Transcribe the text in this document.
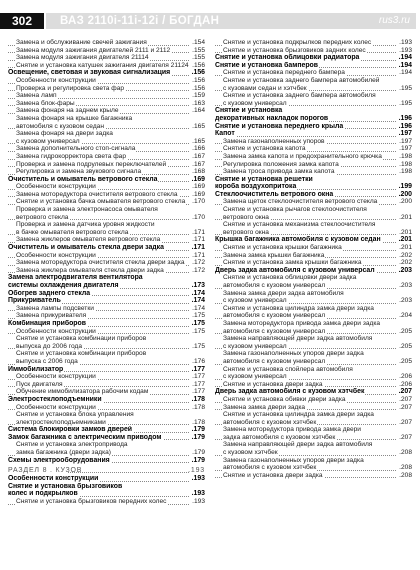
302	ВАЗ 2110i-11i-12i / БОГДАН	rus3.ru
Замена и обслуживание свечей зажигания	.154
Замена модуля зажигания двигателей 2111 и 2112	.155
Замена модуля зажигания двигателя 21114	.155
Снятие и установка катушек зажигания двигателя 21124 .156
Освещение, световая и звуковая сигнализация	.156
Особенности конструкции	.156
Проверка и регулировка света фар	.156
Замена ламп	.159
Замена блок-фары	.163
Замена фонаря на заднем крыле	.164
Замена фонаря на крышке багажника
автомобиля с кузовом седан	.165
Замена фонаря на двери задка
с кузовом универсал	.165
Замена дополнительного стоп-сигнала	.166
Замена гидрокорректора света фар	.167
Проверка и замена подрулевых переключателей	.167
Регулировка и замена звукового сигнала	.168
Очиститель и омыватель ветрового стекла	.169
Особенности конструкции	.169
Замена моторедуктора очистителя ветрового стекла .169
Снятие и установка бачка омывателя ветрового стекла .170
Проверка и замена электронасоса омывателя
ветрового стекла	.170
Проверка и замена датчика уровня жидкости
в бачке омывателя ветрового стекла	.171
Замена жиклеров омывателя ветрового стекла	.171
Очиститель и омыватель стекла двери задка	.171
Особенности конструкции	.171
Замена моторедуктора очистителя стекла двери задка .172
Замена жиклера омывателя стекла двери задка	.172
Замена электродвигателя вентилятора
системы охлаждения двигателя	.173
Обогрев заднего стекла	.174
Прикуриватель	.174
Замена лампы подсветки	.174
Замена прикуривателя	.175
Комбинация приборов	.175
Особенности конструкции	.175
Снятие и установка комбинации приборов
выпуска до 2006 года	.175
Снятие и установка комбинации приборов
выпуска с 2006 года	.176
Иммобилизатор	.177
Особенности конструкции	.177
Пуск двигателя	.177
Обучение иммобилизатора рабочим кодам	.177
Электростеклоподъемники	.178
Особенности конструкции	.178
Снятие и установка блока управления
электростеклоподъемниками	.178
Система блокировки замков дверей	.179
Замок багажника с электрическим приводом	.179
Снятие и установка электропривода
замка багажника (двери задка)	.179
Схемы электрооборудования	.179
РАЗДЕЛ 8 . КУЗОВ	.193
Особенности конструкции	.193
Снятие и установка брызговиков
колес и подкрылков	.193
Снятие и установка брызговиков передних колес	.193
Снятие и установка подкрылков передних колес	.193
Снятие и установка брызговиков задних колес	.193
Снятие и установка облицовки радиатора	.194
Снятие и установка бамперов	.194
Снятие и установка переднего бампера	.194
Снятие и установка заднего бампера автомобилей
с кузовами седан и хэтчбек	.195
Снятие и установка заднего бампера автомобиля
с кузовом универсал	.195
Снятие и установка
декоративных накладок порогов	.196
Снятие и установка переднего крыла	.196
Капот	.197
Замена газонаполненных упоров	.197
Снятие и установка капота	.197
Замена замка капота и предохранительного крючка	.198
Регулировка положения замка капота	.198
Замена троса привода замка капота	.198
Снятие и установка решетки
короба воздухопритока	.199
Стеклоочиститель ветрового окна	.200
Замена щеток стеклоочистителя ветрового стекла	.200
Снятие и установка рычагов стеклоочистителя
ветрового окна	.201
Снятие и установка механизма стеклоочистителя
ветрового окна	.201
Крышка багажника автомобиля с кузовом седан	.201
Снятие и установка крышки багажника	.201
Замена замка крышки багажника	.202
Снятие и установка замка крышки багажника	.202
Дверь задка автомобиля с кузовом универсал	.203
Снятие и установка облицовки двери задка
автомобиля с кузовом универсал	.203
Замена замка двери задка автомобиля
с кузовом универсал	.203
Снятие и установка цилиндра замка двери задка
автомобиля с кузовом универсал	.204
Замена моторедуктора привода замка двери задка
автомобиля с кузовом универсал	.205
Замена направляющей двери задка автомобиля
с кузовом универсал	.205
Замена газонаполненных упоров двери задка
автомобиля с кузовом универсал	.205
Снятие и установка спойлера автомобиля
с кузовом универсал	.206
Снятие и установка двери задка	.206
Дверь задка автомобиля с кузовом хэтчбек	.207
Снятие и установка обивки двери задка	.207
Замена замка двери задка	.207
Снятие и установка цилиндра замка двери задка
автомобиля с кузовом хэтчбек	.207
Замена моторедуктора привода замка двери
задка автомобиля с кузовом хэтчбек	.207
Замена направляющей двери задка автомобиля
с кузовом хэтчбек	.208
Замена газонаполненных упоров двери задка
автомобиля с кузовом хэтчбек	.208
Снятие и установка двери задка	.208
